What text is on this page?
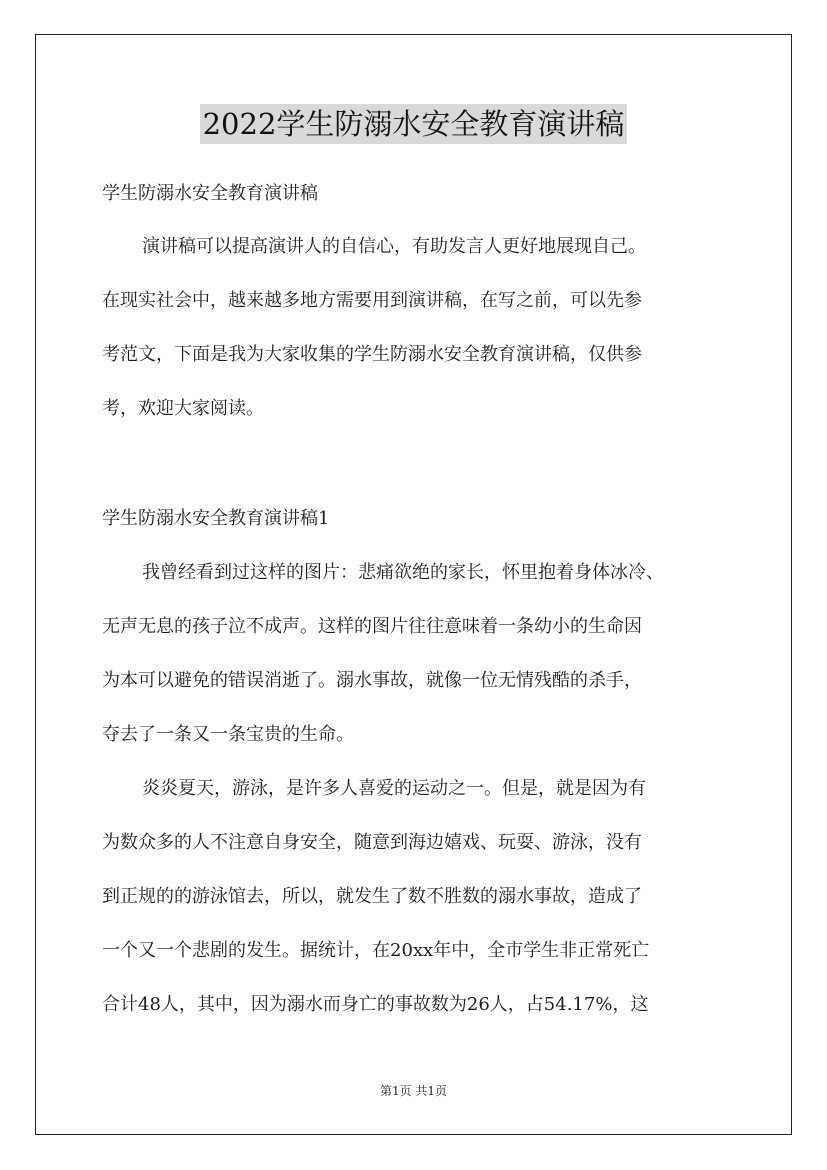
2022学生防溺水安全教育演讲稿
学生防溺水安全教育演讲稿
演讲稿可以提高演讲人的自信心，有助发言人更好地展现自己。
在现实社会中，越来越多地方需要用到演讲稿，在写之前，可以先参
考范文，下面是我为大家收集的学生防溺水安全教育演讲稿，仅供参
考，欢迎大家阅读。
学生防溺水安全教育演讲稿1
我曾经看到过这样的图片：悲痛欲绝的家长，怀里抱着身体冰冷、
无声无息的孩子泣不成声。这样的图片往往意味着一条幼小的生命因
为本可以避免的错误消逝了。溺水事故，就像一位无情残酷的杀手，
夺去了一条又一条宝贵的生命。
炎炎夏天，游泳，是许多人喜爱的运动之一。但是，就是因为有
为数众多的人不注意自身安全，随意到海边嬉戏、玩耍、游泳，没有
到正规的的游泳馆去，所以，就发生了数不胜数的溺水事故，造成了
一个又一个悲剧的发生。据统计，在20xx年中，全市学生非正常死亡
合计48人，其中，因为溺水而身亡的事故数为26人，占54.17%，这
第1页 共1页
